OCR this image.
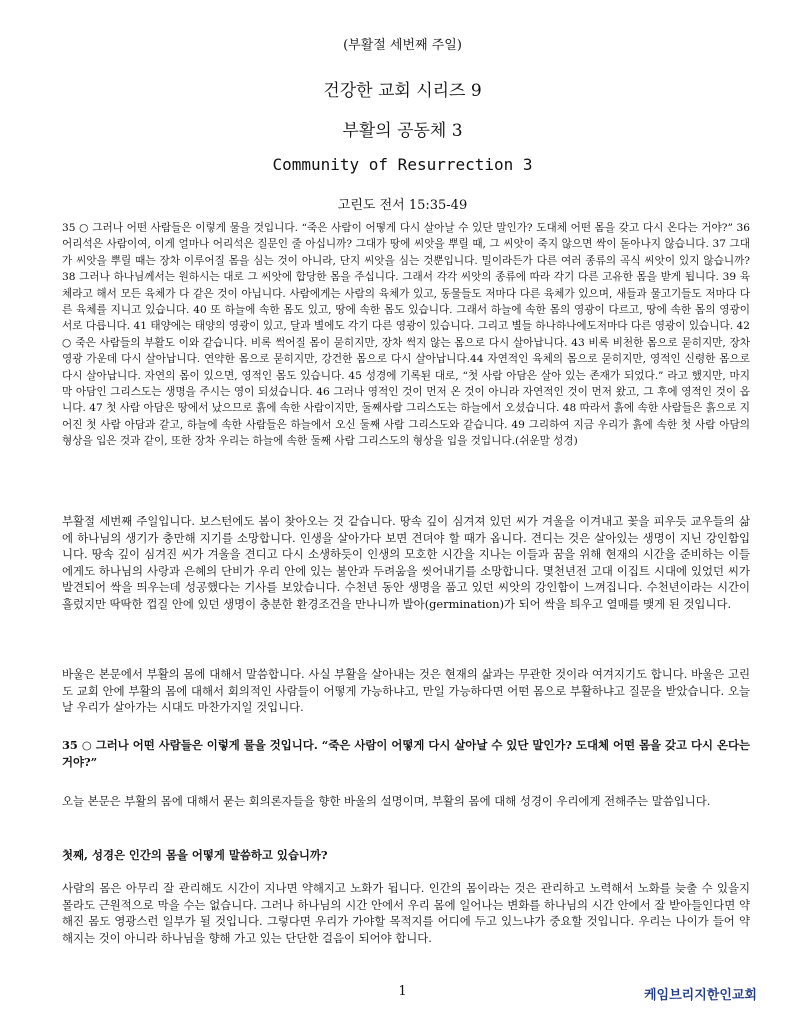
(부활절 세번째 주일)
건강한 교회 시리즈 9
부활의 공동체 3
Community of Resurrection 3
고린도 전서 15:35-49

35 ○ 그러나 어떤 사람들은 이렇게 물을 것입니다. “죽은 사람이 어떻게 다시 살아날 수 있단 말인가? 도대체 어떤 몸을 갖고 다시 온다는 거야?” 36 어리석은 사람이여, 이게 얼마나 어리석은 질문인 줄 아십니까? 그대가 땅에 씨앗을 뿌릴 때, 그 씨앗이 죽지 않으면 싹이 돋아나지 않습니다. 37 그대가 씨앗을 뿌릴 때는 장차 이루어질 몸을 심는 것이 아니라, 단지 씨앗을 심는 것뿐입니다. 밀이라든가 다른 여러 종류의 곡식 씨앗이 있지 않습니까? 38 그러나 하나님께서는 원하시는 대로 그 씨앗에 합당한 몸을 주십니다. 그래서 각각 씨앗의 종류에 따라 각기 다른 고유한 몸을 받게 됩니다. 39 육체라고 해서 모든 육체가 다 같은 것이 아닙니다. 사람에게는 사람의 육체가 있고, 동물들도 저마다 다른 육체가 있으며, 새들과 물고기들도 저마다 다른 육체를 지니고 있습니다. 40 또 하늘에 속한 몸도 있고, 땅에 속한 몸도 있습니다. 그래서 하늘에 속한 몸의 영광이 다르고, 땅에 속한 몸의 영광이 서로 다릅니다. 41 태양에는 태양의 영광이 있고, 달과 별에도 각기 다른 영광이 있습니다. 그리고 별들 하나하나에도저마다 다른 영광이 있습니다. 42 ○ 죽은 사람들의 부활도 이와 같습니다. 비록 썩어질 몸이 묻히지만, 장차 썩지 않는 몸으로 다시 살아납니다. 43 비록 비천한 몸으로 묻히지만, 장차 영광 가운데 다시 살아납니다. 연약한 몸으로 묻히지만, 강건한 몸으로 다시 살아납니다.44 자연적인 육체의 몸으로 묻히지만, 영적인 신령한 몸으로 다시 살아납니다. 자연의 몸이 있으면, 영적인 몸도 있습니다. 45 성경에 기록된 대로, “첫 사람 아담은 살아 있는 존재가 되었다.” 라고 했지만, 마지막 아담인 그리스도는 생명을 주시는 영이 되셨습니다. 46 그러나 영적인 것이 먼저 온 것이 아니라 자연적인 것이 먼저 왔고, 그 후에 영적인 것이 옵니다. 47 첫 사람 아담은 땅에서 났으므로 흙에 속한 사람이지만, 둘째사람 그리스도는 하늘에서 오셨습니다. 48 따라서 흙에 속한 사람들은 흙으로 지어진 첫 사람 아담과 같고, 하늘에 속한 사람들은 하늘에서 오신 둘째 사람 그리스도와 같습니다. 49 그리하여 지금 우리가 흙에 속한 첫 사람 아담의 형상을 입은 것과 같이, 또한 장차 우리는 하늘에 속한 둘째 사람 그리스도의 형상을 입을 것입니다.(쉬운말 성경)

부활절 세번째 주일입니다. 보스턴에도 봄이 찾아오는 것 같습니다. 땅속 깊이 심겨져 있던 씨가 겨울을 이겨내고 꽃을 피우듯 교우들의 삶에 하나님의 생기가 충만해 지기를 소망합니다. 인생을 살아가다 보면 견뎌야 할 때가 옵니다. 견디는 것은 살아있는 생명이 지닌 강인함입니다. 땅속 깊이 심겨진 씨가 겨울을 견디고 다시 소생하듯이 인생의 모호한 시간을 지나는 이들과 꿈을 위해 현재의 시간을 준비하는 이들에게도 하나님의 사랑과 은혜의 단비가 우리 안에 있는 불안과 두려움을 씻어내기를 소망합니다. 몇천년전 고대 이집트 시대에 있었던 씨가 발견되어 싹을 띄우는데 성공했다는 기사를 보았습니다. 수천년 동안 생명을 품고 있던 씨앗의 강인함이 느껴집니다. 수천년이라는 시간이 흘렀지만 딱딱한 껍질 안에 있던 생명이 충분한 환경조건을 만나니까 발아(germination)가 되어 싹을 틔우고 열매를 맺게 된 것입니다.

바울은 본문에서 부활의 몸에 대해서 말씀합니다. 사실 부활을 살아내는 것은 현재의 삶과는 무관한 것이라 여겨지기도 합니다. 바울은 고린도 교회 안에 부활의 몸에 대해서 회의적인 사람들이 어떻게 가능하냐고, 만일 가능하다면 어떤 몸으로 부활하냐고 질문을 받았습니다. 오늘날 우리가 살아가는 시대도 마찬가지일 것입니다.

35 ○ 그러나 어떤 사람들은 이렇게 물을 것입니다. “죽은 사람이 어떻게 다시 살아날 수 있단 말인가? 도대체 어떤 몸을 갖고 다시 온다는 거야?”

오늘 본문은 부활의 몸에 대해서 묻는 회의론자들을 향한 바울의 설명이며, 부활의 몸에 대해 성경이 우리에게 전해주는 말씀입니다.

첫째, 성경은 인간의 몸을 어떻게 말씀하고 있습니까?

사람의 몸은 아무리 잘 관리해도 시간이 지나면 약해지고 노화가 됩니다. 인간의 몸이라는 것은 관리하고 노력해서 노화를 늦출 수 있을지 몰라도 근원적으로 막을 수는 없습니다. 그러나 하나님의 시간 안에서 우리 몸에 일어나는 변화를 하나님의 시간 안에서 잘 받아들인다면 약해진 몸도 영광스런 일부가 될 것입니다. 그렇다면 우리가 가야할 목적지를 어디에 두고 있느냐가 중요할 것입니다. 우리는 나이가 들어 약해지는 것이 아니라 하나님을 향해 가고 있는 단단한 걸음이 되어야 합니다.

1	케임브리지한인교회
